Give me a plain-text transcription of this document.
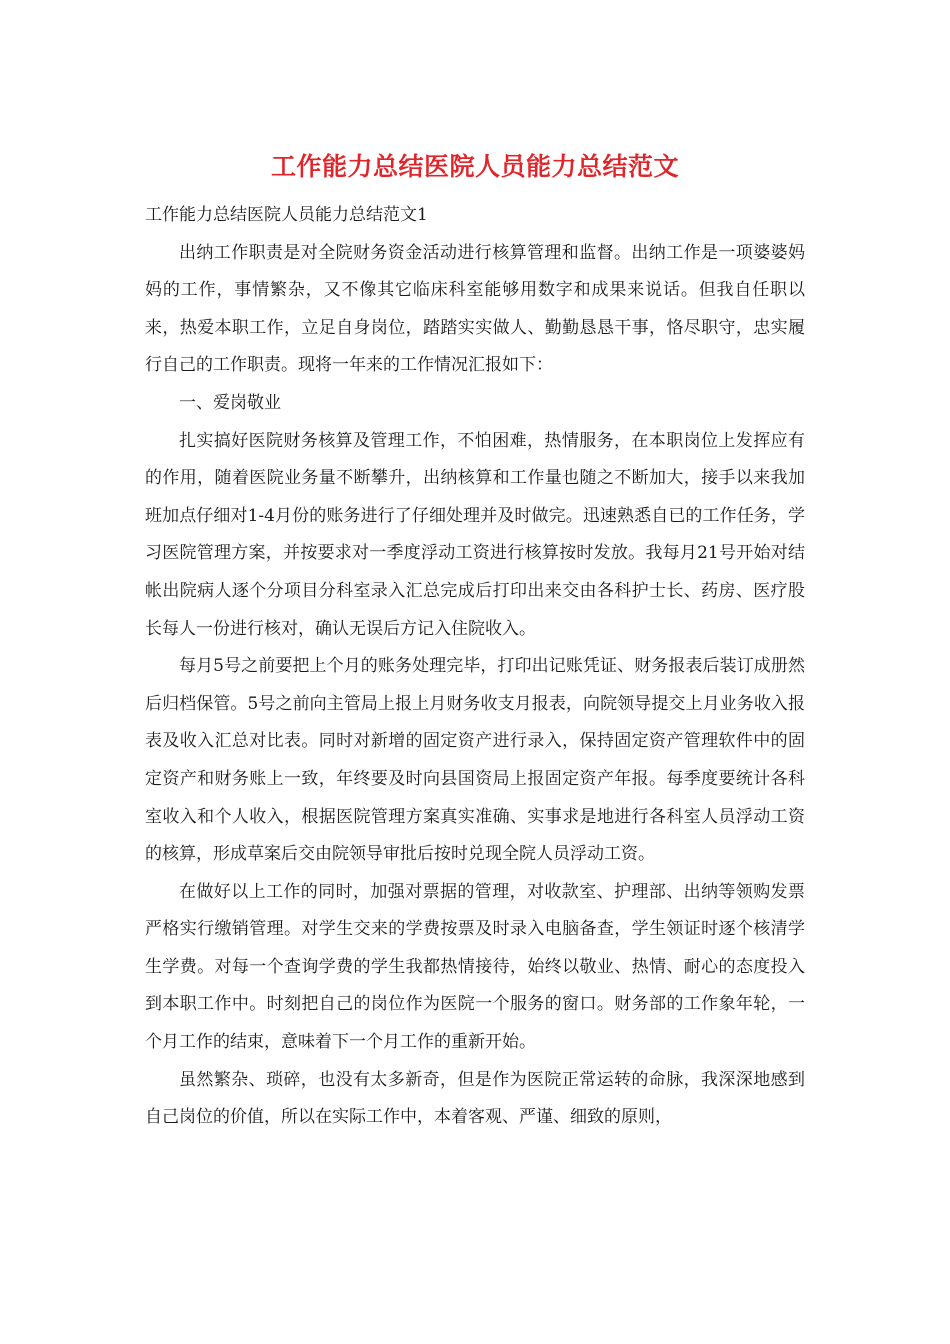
工作能力总结医院人员能力总结范文

工作能力总结医院人员能力总结范文1

出纳工作职责是对全院财务资金活动进行核算管理和监督。出纳工作是一项婆婆妈妈的工作，事情繁杂，又不像其它临床科室能够用数字和成果来说话。但我自任职以来，热爱本职工作，立足自身岗位，踏踏实实做人、勤勤恳恳干事，恪尽职守，忠实履行自己的工作职责。现将一年来的工作情况汇报如下：

一、爱岗敬业

扎实搞好医院财务核算及管理工作，不怕困难，热情服务，在本职岗位上发挥应有的作用，随着医院业务量不断攀升，出纳核算和工作量也随之不断加大，接手以来我加班加点仔细对1-4月份的账务进行了仔细处理并及时做完。迅速熟悉自已的工作任务，学习医院管理方案，并按要求对一季度浮动工资进行核算按时发放。我每月21号开始对结帐出院病人逐个分项目分科室录入汇总完成后打印出来交由各科护士长、药房、医疗股长每人一份进行核对，确认无误后方记入住院收入。

每月5号之前要把上个月的账务处理完毕，打印出记账凭证、财务报表后装订成册然后归档保管。5号之前向主管局上报上月财务收支月报表，向院领导提交上月业务收入报表及收入汇总对比表。同时对新增的固定资产进行录入，保持固定资产管理软件中的固定资产和财务账上一致，年终要及时向县国资局上报固定资产年报。每季度要统计各科室收入和个人收入，根据医院管理方案真实准确、实事求是地进行各科室人员浮动工资的核算，形成草案后交由院领导审批后按时兑现全院人员浮动工资。

在做好以上工作的同时，加强对票据的管理，对收款室、护理部、出纳等领购发票严格实行缴销管理。对学生交来的学费按票及时录入电脑备查，学生领证时逐个核清学生学费。对每一个查询学费的学生我都热情接待，始终以敬业、热情、耐心的态度投入到本职工作中。时刻把自己的岗位作为医院一个服务的窗口。财务部的工作象年轮，一个月工作的结束，意味着下一个月工作的重新开始。

虽然繁杂、琐碎，也没有太多新奇，但是作为医院正常运转的命脉，我深深地感到自己岗位的价值，所以在实际工作中，本着客观、严谨、细致的原则，
